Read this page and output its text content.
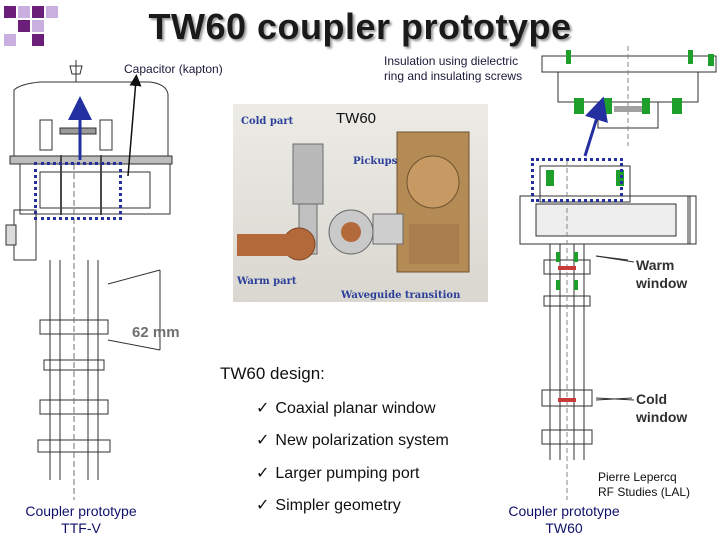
TW60 coupler prototype
Capacitor (kapton)
Insulation using dielectric
ring and insulating screws
Cold part
Pickups
Warm part
Waveguide transition
TW60
62 mm
Warm
window
Cold
window
TW60 design:
✓ Coaxial planar window
✓ New polarization system
✓ Larger pumping port
✓ Simpler geometry
Coupler prototype
TTF-V
Coupler prototype
TW60
Pierre Lepercq
RF Studies (LAL)
